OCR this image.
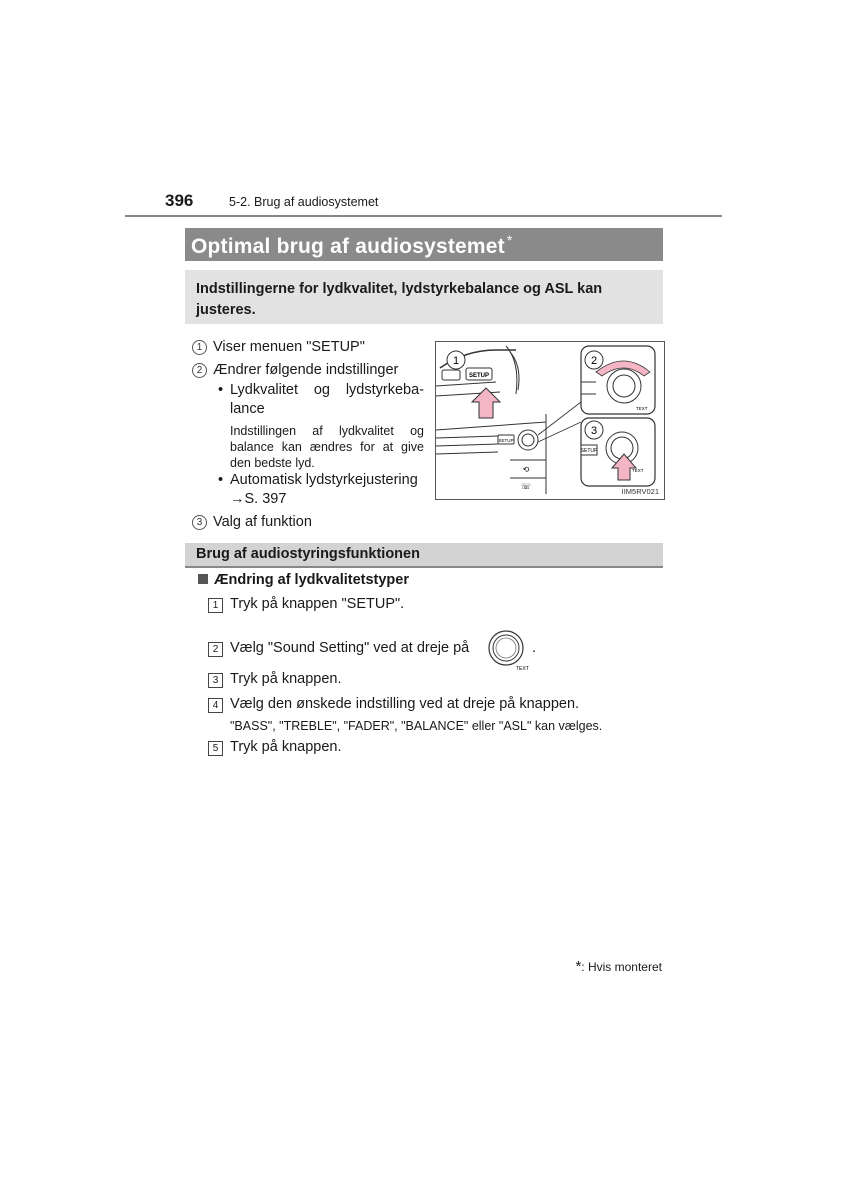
396	5-2. Brug af audiosystemet
Optimal brug af audiosystemet *
Indstillingerne for lydkvalitet, lydstyrkebalance og ASL kan justeres.
1 Viser menuen "SETUP"
2 Ændrer følgende indstillinger
• Lydkvalitet og lydstyrkeba-
lance
Indstillingen af lydkvalitet og balance kan ændres for at give den bedste lyd.
• Automatisk lydstyrkejustering
→S. 397
3 Valg af funktion
SETUP
1
SETUP
⟲
☏
TEXT
2
SETUP
TEXT
3
IIM5RV021
Brug af audiostyringsfunktionen
Ændring af lydkvalitetstyper
1 Tryk på knappen "SETUP".
2 Vælg "Sound Setting" ved at dreje på
TEXT
.
3 Tryk på knappen.
4 Vælg den ønskede indstilling ved at dreje på knappen.
"BASS", "TREBLE", "FADER", "BALANCE" eller "ASL" kan vælges.
5 Tryk på knappen.
*: Hvis monteret
